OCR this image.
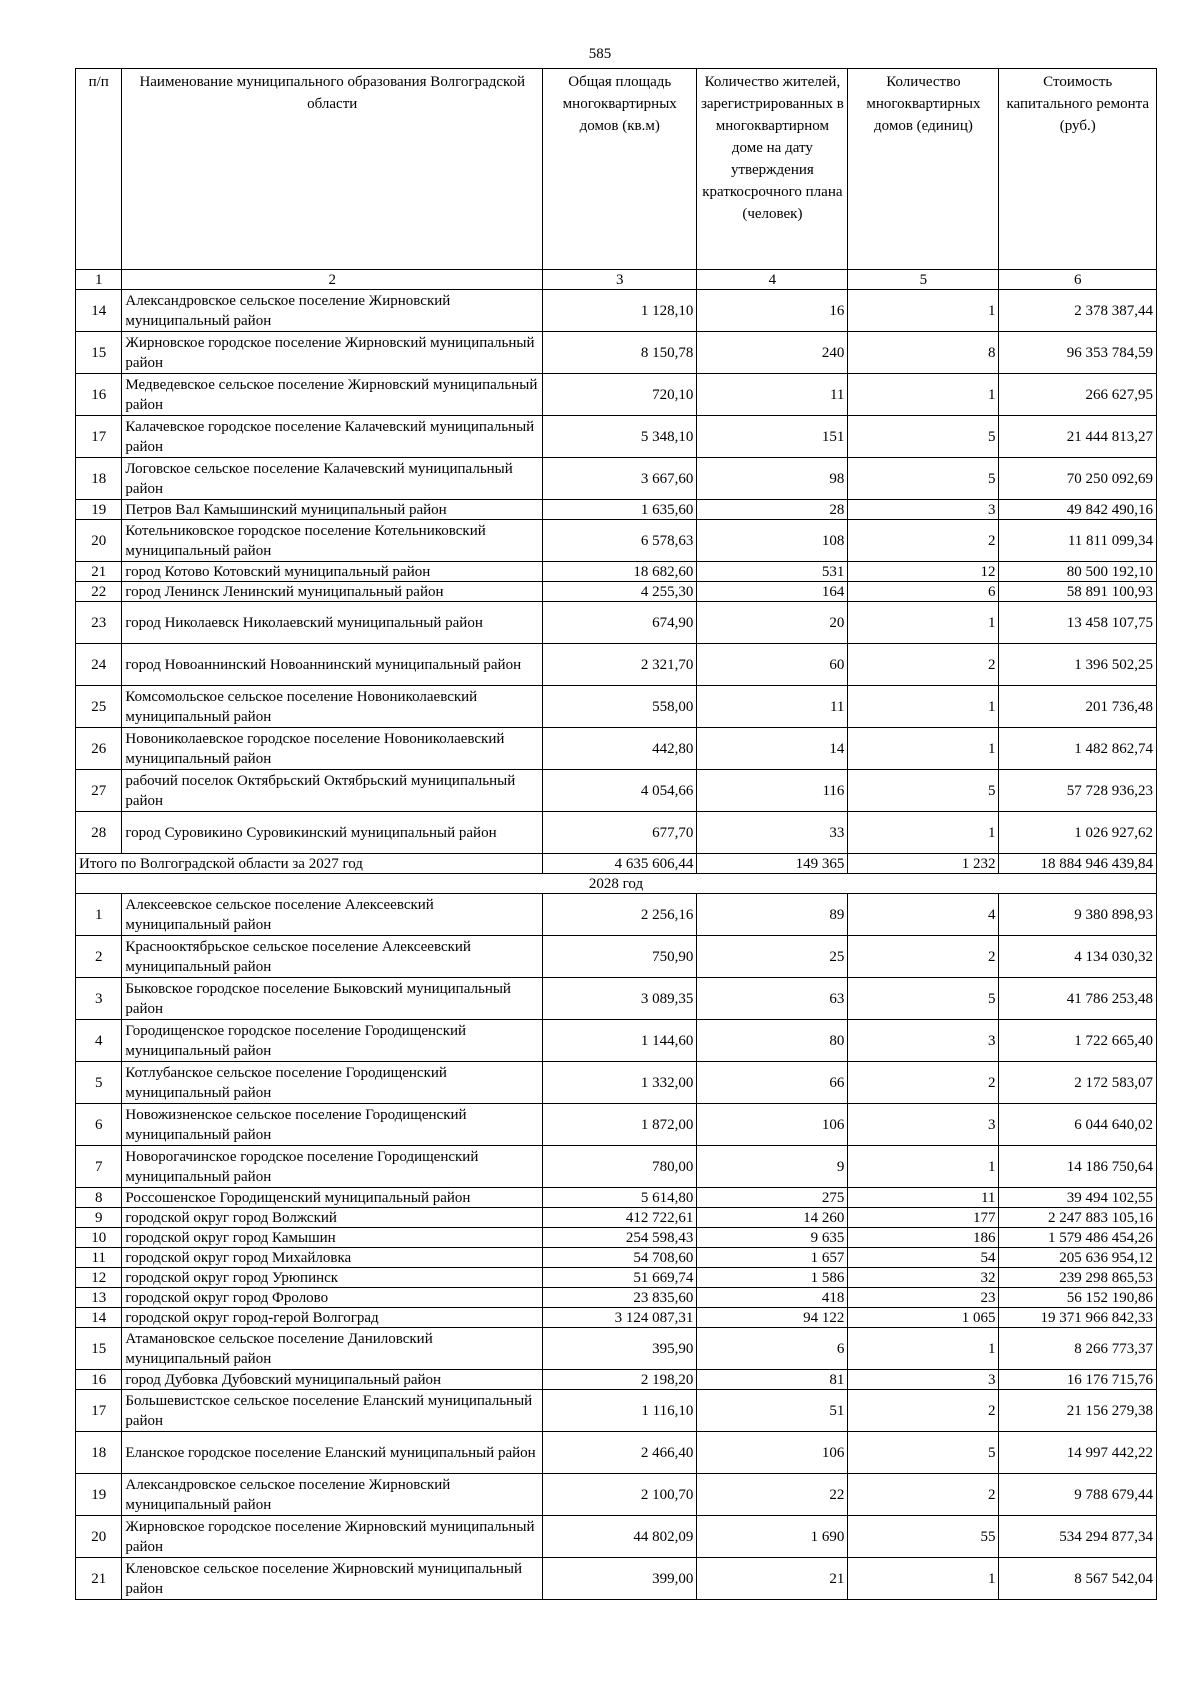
585
п/п	Наименование муниципального образования Волгоградской области	Общая площадь многоквартирных домов (кв.м)	Количество жителей, зарегистрированных в многоквартирном доме на дату утверждения краткосрочного плана (человек)	Количество многоквартирных домов (единиц)	Стоимость капитального ремонта (руб.)
1	2	3	4	5	6
14	Александровское сельское поселение Жирновский муниципальный район	1 128,10	16	1	2 378 387,44
15	Жирновское городское поселение Жирновский муниципальный район	8 150,78	240	8	96 353 784,59
16	Медведевское сельское поселение Жирновский муниципальный район	720,10	11	1	266 627,95
17	Калачевское городское поселение Калачевский муниципальный район	5 348,10	151	5	21 444 813,27
18	Логовское сельское поселение Калачевский муниципальный район	3 667,60	98	5	70 250 092,69
19	Петров Вал Камышинский муниципальный район	1 635,60	28	3	49 842 490,16
20	Котельниковское городское поселение Котельниковский муниципальный район	6 578,63	108	2	11 811 099,34
21	город Котово Котовский муниципальный район	18 682,60	531	12	80 500 192,10
22	город Ленинск Ленинский муниципальный район	4 255,30	164	6	58 891 100,93
23	город Николаевск Николаевский муниципальный район	674,90	20	1	13 458 107,75
24	город Новоаннинский Новоаннинский муниципальный район	2 321,70	60	2	1 396 502,25
25	Комсомольское сельское поселение Новониколаевский муниципальный район	558,00	11	1	201 736,48
26	Новониколаевское городское поселение Новониколаевский муниципальный район	442,80	14	1	1 482 862,74
27	рабочий поселок Октябрьский Октябрьский муниципальный район	4 054,66	116	5	57 728 936,23
28	город Суровикино Суровикинский муниципальный район	677,70	33	1	1 026 927,62
Итого по Волгоградской области за 2027 год		4 635 606,44	149 365	1 232	18 884 946 439,84
2028 год					
1	Алексеевское сельское поселение Алексеевский муниципальный район	2 256,16	89	4	9 380 898,93
2	Краснооктябрьское сельское поселение Алексеевский муниципальный район	750,90	25	2	4 134 030,32
3	Быковское городское поселение Быковский муниципальный район	3 089,35	63	5	41 786 253,48
4	Городищенское городское поселение Городищенский муниципальный район	1 144,60	80	3	1 722 665,40
5	Котлубанское сельское поселение Городищенский муниципальный район	1 332,00	66	2	2 172 583,07
6	Новожизненское сельское поселение Городищенский муниципальный район	1 872,00	106	3	6 044 640,02
7	Новорогачинское городское поселение Городищенский муниципальный район	780,00	9	1	14 186 750,64
8	Россошенское Городищенский муниципальный район	5 614,80	275	11	39 494 102,55
9	городской округ город Волжский	412 722,61	14 260	177	2 247 883 105,16
10	городской округ город Камышин	254 598,43	9 635	186	1 579 486 454,26
11	городской округ город Михайловка	54 708,60	1 657	54	205 636 954,12
12	городской округ город Урюпинск	51 669,74	1 586	32	239 298 865,53
13	городской округ город Фролово	23 835,60	418	23	56 152 190,86
14	городской округ город-герой Волгоград	3 124 087,31	94 122	1 065	19 371 966 842,33
15	Атамановское сельское поселение Даниловский муниципальный район	395,90	6	1	8 266 773,37
16	город Дубовка Дубовский муниципальный район	2 198,20	81	3	16 176 715,76
17	Большевистское сельское поселение Еланский муниципальный район	1 116,10	51	2	21 156 279,38
18	Еланское городское поселение Еланский муниципальный район	2 466,40	106	5	14 997 442,22
19	Александровское сельское поселение Жирновский муниципальный район	2 100,70	22	2	9 788 679,44
20	Жирновское городское поселение Жирновский муниципальный район	44 802,09	1 690	55	534 294 877,34
21	Кленовское сельское поселение Жирновский муниципальный район	399,00	21	1	8 567 542,04
